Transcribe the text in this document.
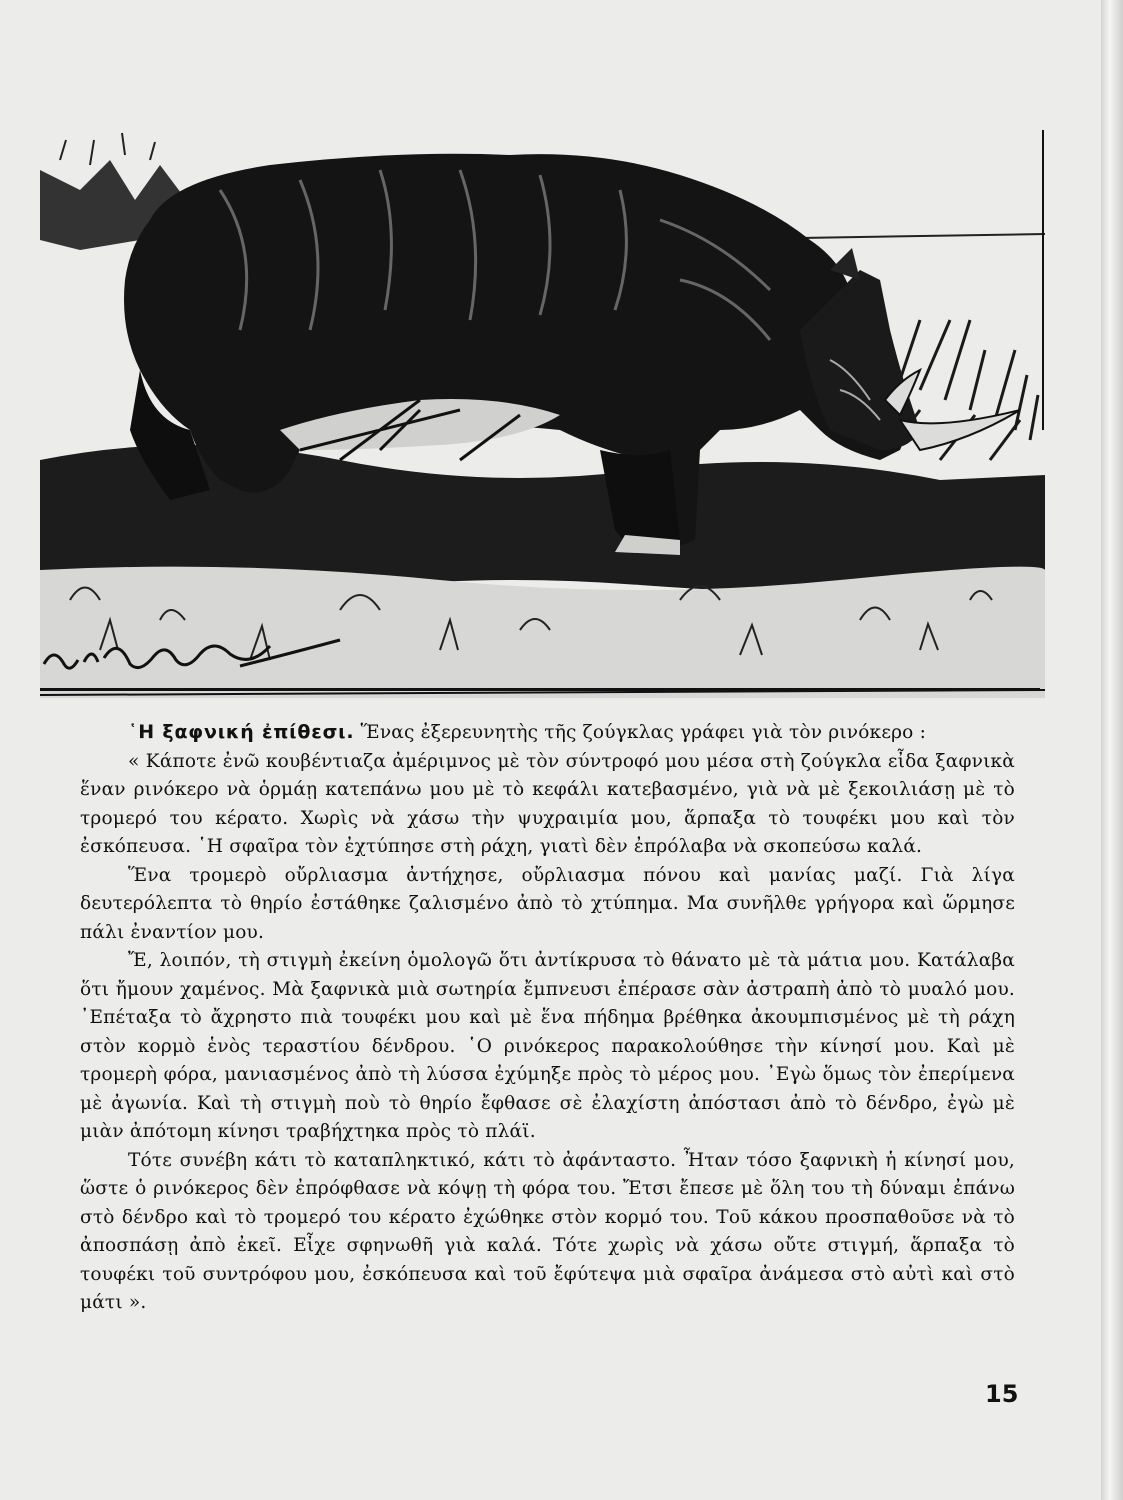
῾Η ξαφνική ἐπίθεσι. Ἕνας ἐξερευνητὴς τῆς ζούγκλας γράφει γιὰ τὸν ρινόκερο :

« Κάποτε ἐνῶ κουβέντιαζα ἀμέριμνος μὲ τὸν σύντροφό μου μέσα στὴ ζούγκλα εἶδα ξαφνικὰ ἕναν ρινόκερο νὰ ὁρμάῃ κατεπάνω μου μὲ τὸ κεφάλι κατεβασμένο, γιὰ νὰ μὲ ξεκοιλιάσῃ μὲ τὸ τρομερό του κέρατο. Χωρὶς νὰ χάσω τὴν ψυχραιμία μου, ἅρπαξα τὸ τουφέκι μου καὶ τὸν ἐσκόπευσα. ῾Η σφαῖρα τὸν ἐχτύπησε στὴ ράχη, γιατὶ δὲν ἐπρόλαβα νὰ σκοπεύσω καλά.

Ἕνα τρομερὸ οὔρλιασμα ἀντήχησε, οὔρλιασμα πόνου καὶ μανίας μαζί. Γιὰ λίγα δευτερόλεπτα τὸ θηρίο ἐστάθηκε ζαλισμένο ἀπὸ τὸ χτύπημα. Μα συνῆλθε γρήγορα καὶ ὥρμησε πάλι ἐναντίον μου.

Ἔ, λοιπόν, τὴ στιγμὴ ἐκείνη ὁμολογῶ ὅτι ἀντίκρυσα τὸ θάνατο μὲ τὰ μάτια μου. Κατάλαβα ὅτι ἤμουν χαμένος. Μὰ ξαφνικὰ μιὰ σωτηρία ἔμπνευσι ἐπέρασε σὰν ἀστραπὴ ἀπὸ τὸ μυαλό μου. ᾿Επέταξα τὸ ἄχρηστο πιὰ τουφέκι μου καὶ μὲ ἕνα πήδημα βρέθηκα ἀκουμπισμένος μὲ τὴ ράχη στὸν κορμὸ ἑνὸς τεραστίου δένδρου. ῾Ο ρινόκερος παρακολούθησε τὴν κίνησί μου. Καὶ μὲ τρομερὴ φόρα, μανιασμένος ἀπὸ τὴ λύσσα ἐχύμηξε πρὸς τὸ μέρος μου. ᾿Εγὼ ὅμως τὸν ἐπερίμενα μὲ ἀγωνία. Καὶ τὴ στιγμὴ ποὺ τὸ θηρίο ἔφθασε σὲ ἐλαχίστη ἀπόστασι ἀπὸ τὸ δένδρο, ἐγὼ μὲ μιὰν ἀπότομη κίνησι τραβήχτηκα πρὸς τὸ πλάϊ.

Τότε συνέβη κάτι τὸ καταπληκτικό, κάτι τὸ ἀφάνταστο. Ἦταν τόσο ξαφνικὴ ἡ κίνησί μου, ὥστε ὁ ρινόκερος δὲν ἐπρόφθασε νὰ κόψῃ τὴ φόρα του. Ἔτσι ἔπεσε μὲ ὅλη του τὴ δύναμι ἐπάνω στὸ δένδρο καὶ τὸ τρομερό του κέρατο ἐχώθηκε στὸν κορμό του. Τοῦ κάκου προσπαθοῦσε νὰ τὸ ἀποσπάσῃ ἀπὸ ἐκεῖ. Εἶχε σφηνωθῆ γιὰ καλά. Τότε χωρὶς νὰ χάσω οὔτε στιγμή, ἅρπαξα τὸ τουφέκι τοῦ συντρόφου μου, ἐσκόπευσα καὶ τοῦ ἔφύτεψα μιὰ σφαῖρα ἀνάμεσα στὸ αὐτὶ καὶ στὸ μάτι ».

15
